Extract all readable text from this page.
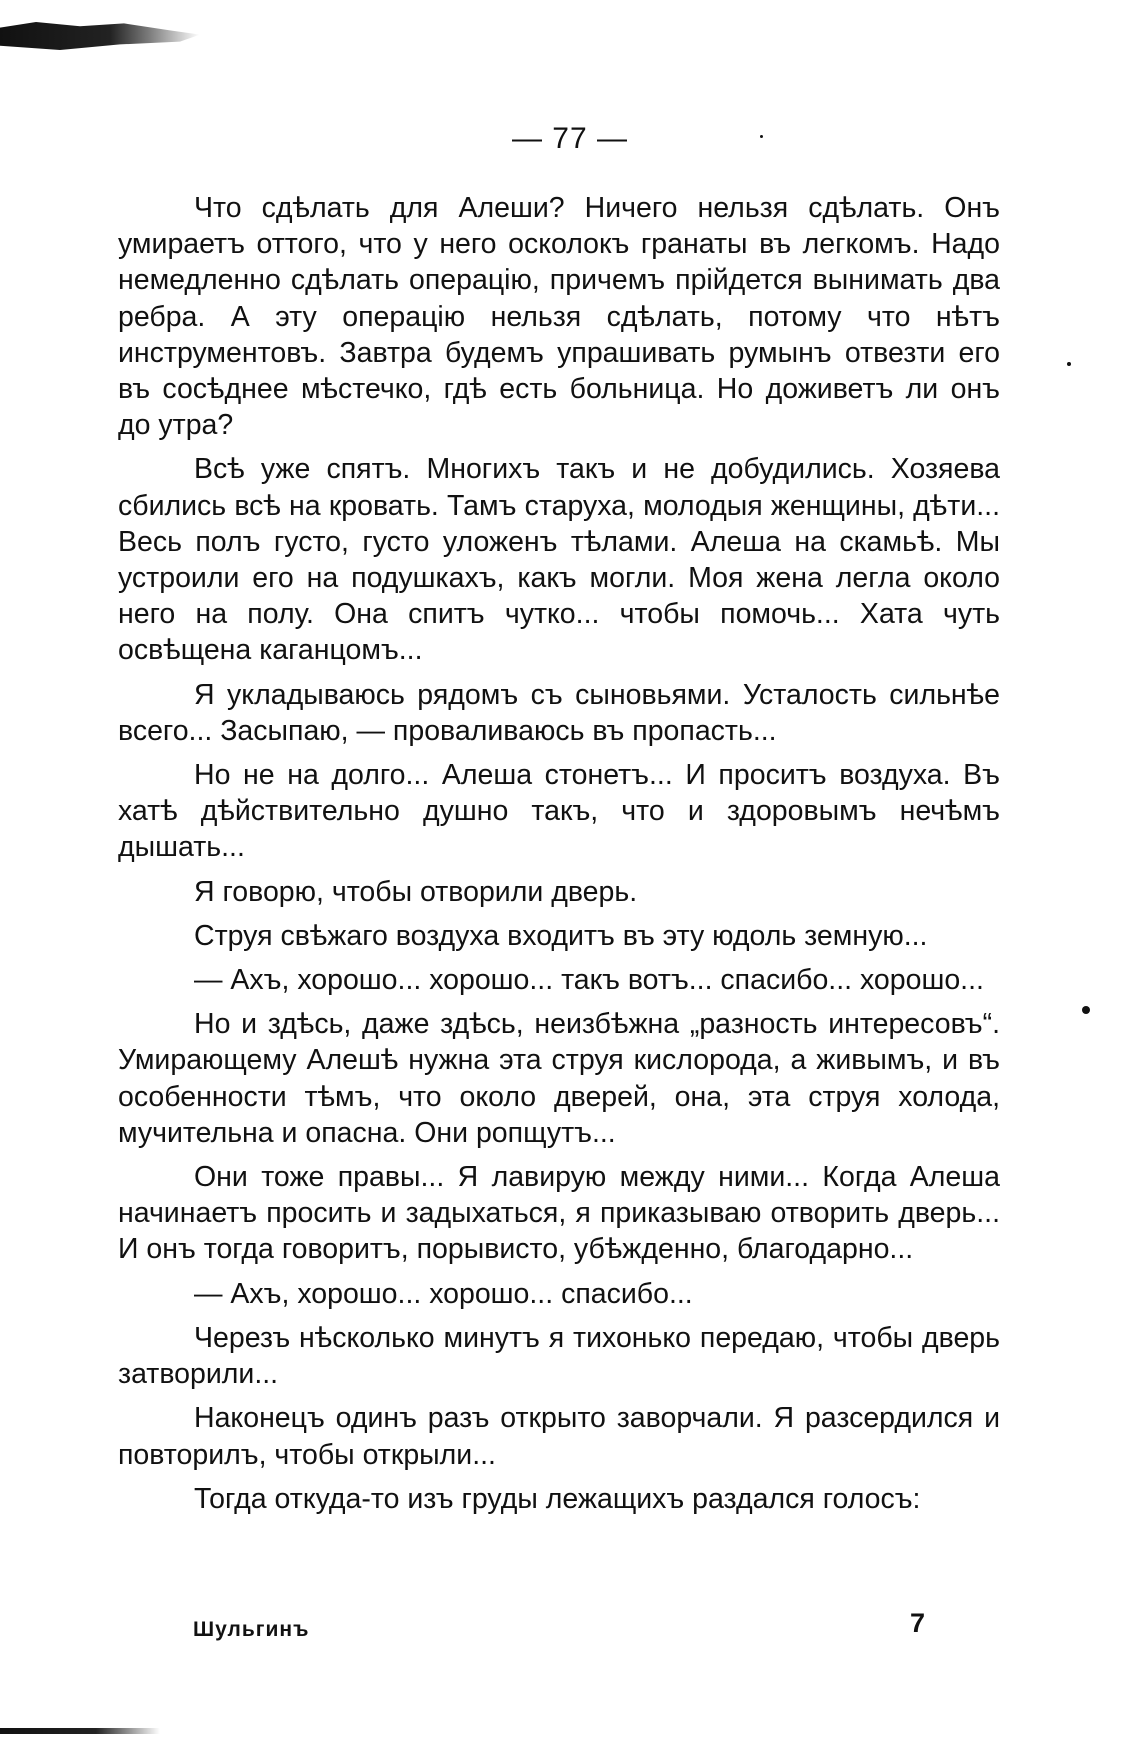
— 77 —

Что сдѣлать для Алеши? Ничего нельзя сдѣлать. Онъ умираетъ оттого, что у него осколокъ гранаты въ легкомъ. Надо немедленно сдѣлать операцію, причемъ прійдется вынимать два ребра. А эту операцію нельзя сдѣлать, потому что нѣтъ инструментовъ. Завтра будемъ упрашивать румынъ отвезти его въ сосѣднее мѣстечко, гдѣ есть больница. Но доживетъ ли онъ до утра?

Всѣ уже спятъ. Многихъ такъ и не добудились. Хозяева сбились всѣ на кровать. Тамъ старуха, молодыя женщины, дѣти... Весь полъ густо, густо уложенъ тѣлами. Алеша на скамьѣ. Мы устроили его на подушкахъ, какъ могли. Моя жена легла около него на полу. Она спитъ чутко... чтобы помочь... Хата чуть освѣщена каганцомъ...

Я укладываюсь рядомъ съ сыновьями. Усталость сильнѣе всего... Засыпаю, — проваливаюсь въ пропасть...

Но не на долго... Алеша стонетъ... И проситъ воздуха. Въ хатѣ дѣйствительно душно такъ, что и здоровымъ нечѣмъ дышать...

Я говорю, чтобы отворили дверь.

Струя свѣжаго воздуха входитъ въ эту юдоль земную...

— Ахъ, хорошо... хорошо... такъ вотъ... спасибо... хорошо...

Но и здѣсь, даже здѣсь, неизбѣжна „разность интересовъ“. Умирающему Алешѣ нужна эта струя кислорода, а живымъ, и въ особенности тѣмъ, что около дверей, она, эта струя холода, мучительна и опасна. Они ропщутъ...

Они тоже правы... Я лавирую между ними... Когда Алеша начинаетъ просить и задыхаться, я приказываю отворить дверь... И онъ тогда говоритъ, порывисто, убѣжденно, благодарно...

— Ахъ, хорошо... хорошо... спасибо...

Черезъ нѣсколько минутъ я тихонько передаю, чтобы дверь затворили...

Наконецъ одинъ разъ открыто заворчали. Я разсердился и повторилъ, чтобы открыли...

Тогда откуда-то изъ груды лежащихъ раздался голосъ:

Шульгинъ	7
